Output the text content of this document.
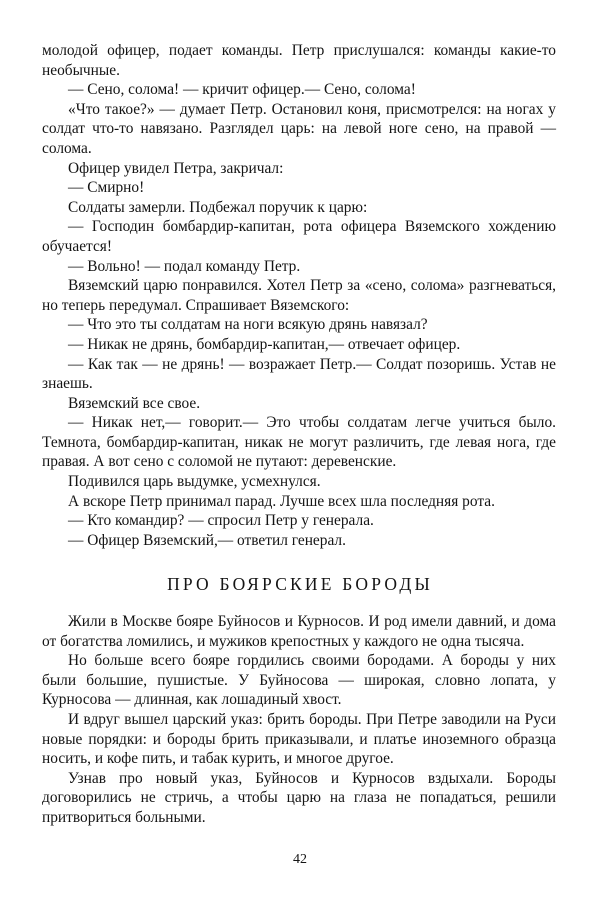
молодой офицер, подает команды. Петр прислушался: команды какие-то необычные.

— Сено, солома! — кричит офицер.— Сено, солома!

«Что такое?» — думает Петр. Остановил коня, присмотрелся: на ногах у солдат что-то навязано. Разглядел царь: на левой ноге сено, на правой — солома.

Офицер увидел Петра, закричал:

— Смирно!

Солдаты замерли. Подбежал поручик к царю:

— Господин бомбардир-капитан, рота офицера Вяземского хождению обучается!

— Вольно! — подал команду Петр.

Вяземский царю понравился. Хотел Петр за «сено, солома» разгневаться, но теперь передумал. Спрашивает Вяземского:

— Что это ты солдатам на ноги всякую дрянь навязал?

— Никак не дрянь, бомбардир-капитан,— отвечает офицер.

— Как так — не дрянь! — возражает Петр.— Солдат позоришь. Устав не знаешь.

Вяземский все свое.

— Никак нет,— говорит.— Это чтобы солдатам легче учиться было. Темнота, бомбардир-капитан, никак не могут различить, где левая нога, где правая. А вот сено с соломой не путают: деревенские.

Подивился царь выдумке, усмехнулся.

А вскоре Петр принимал парад. Лучше всех шла последняя рота.

— Кто командир? — спросил Петр у генерала.

— Офицер Вяземский,— ответил генерал.

ПРО БОЯРСКИЕ БОРОДЫ

Жили в Москве бояре Буйносов и Курносов. И род имели давний, и дома от богатства ломились, и мужиков крепостных у каждого не одна тысяча.

Но больше всего бояре гордились своими бородами. А бороды у них были большие, пушистые. У Буйносова — широкая, словно лопата, у Курносова — длинная, как лошадиный хвост.

И вдруг вышел царский указ: брить бороды. При Петре заводили на Руси новые порядки: и бороды брить приказывали, и платье иноземного образца носить, и кофе пить, и табак курить, и многое другое.

Узнав про новый указ, Буйносов и Курносов вздыхали. Бороды договорились не стричь, а чтобы царю на глаза не попадаться, решили притвориться больными.

42
